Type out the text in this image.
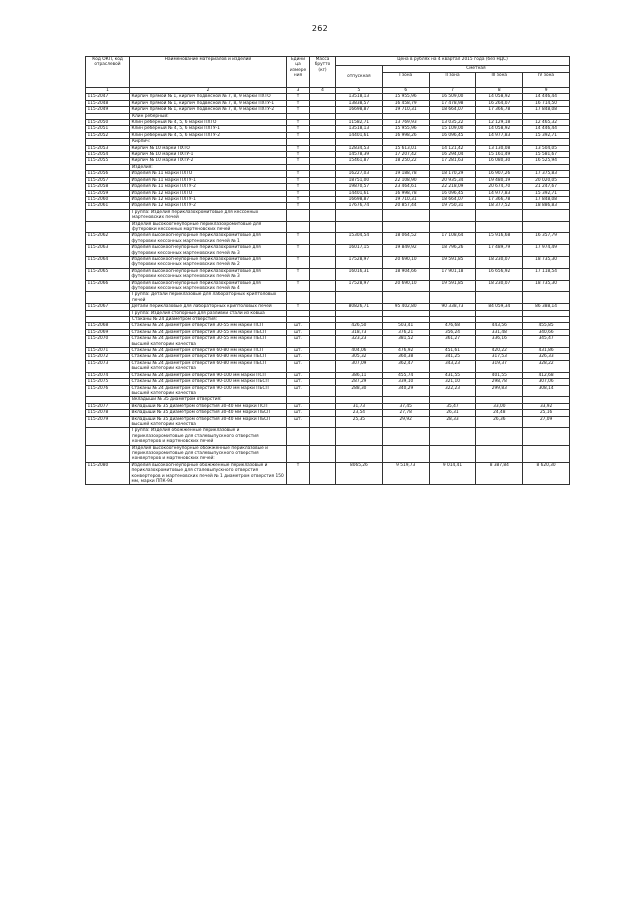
262
Код ОКП, код отраслевой	Наименование материалов и изделий	Едини ца измере ния	Масса брутто (кг)	Цена в рублях на 4 квартал 2015 года (без НДС)				
				отпускная	Сметная			
					I зона	II зона	III зона	IV зона
1	2	3	4	5	6	7	8	9
115-2047	Кирпич прямой № 1, кирпич подвесной № 7, 8, 9 марки ПХТО	т		13518,13	15 955,96	16 509,00	14 058,92	14 446,44
115-2048	Кирпич прямой № 1, кирпич подвесной № 7, 8, 9 марки ПХТУ-1	т		13838,57	16 458,79	17 478,98	16 264,07	16 714,50
115-2049	Кирпич прямой № 1, кирпич подвесной № 7, 8, 9 марки ПХТУ-2	т		16698,87	19 710,31	18 664,07	17 366,78	17 848,08
	Клин реберный:							
115-2050	Клин реберный № 4, 5, 6 марки ПХТО	т		11582,71	13 769,93	13 035,22	12 129,18	12 465,32
115-2051	Клин реберный № 4, 5, 6 марки ПХТУ-1	т		13518,13	15 955,96	15 109,00	14 058,92	14 446,44
115-2052	Клин реберный № 4, 5, 6 марки ПХТУ-2	т		14401,61	16 998,26	16 096,45	14 977,83	15 392,71
	Кирпич:							
115-2053	Кирпич № 10 марки ПХТО	т		12834,53	15 613,01	14 121,42	13 130,08	13 504,05
115-2054	Кирпич № 10 марки ПХТУ-1	т		14578,39	17 207,42	16 294,04	15 161,49	15 581,67
115-2055	Кирпич № 10 марки ПХТУ-2	т		15461,87	18 250,22	17 281,63	16 080,30	16 525,94
	Изделия:							
115-2056	Изделия № 11 марки ПХТО	т		16227,03	19 188,78	18 170,29	16 907,26	17 375,83
115-2057	Изделия № 11 марки ПХТУ-1	т		18751,00	22 108,90	20 935,34	19 480,19	20 020,05
115-2058	Изделия № 11 марки ПХТУ-2	т		19870,57	23 464,61	22 218,09	20 674,70	21 247,67
115-2059	Изделия № 12 марки ПХТО	т		14401,61	16 998,78	16 096,45	14 977,83	15 392,71
115-2060	Изделия № 12 марки ПХТУ-1	т		16698,87	19 710,31	18 664,07	17 366,78	17 848,08
115-2061	Изделия № 12 марки ПХТУ-2	т		17676,74	20 857,44	19 750,31	18 377,52	18 886,83
	Группа: Изделия периклазохромитовые для кессонных мартеновских печей							
	Изделия высокоогнеупорные периклазохромитовые для футеровки кессонных мартеновских печей							
115-2062	Изделия высокоогнеупорные периклазохромитовые для футеровки кессонных мартеновских печей № 1	т		15304,54	18 064,52	17 108,64	15 916,68	16 357,79
115-2063	Изделия высокоогнеупорные периклазохромитовые для футеровки кессонных мартеновских печей № 3	т		16017,15	19 849,92	18 796,26	17 489,79	17 974,49
115-2064	Изделия высокоогнеупорные периклазохромитовые для футеровки кессонных мартеновских печей № 2	т		17528,97	20 690,10	19 591,85	18 230,07	18 735,30
115-2065	Изделия высокоогнеупорные периклазохромитовые для футеровки кессонных мартеновских печей № 3	т		16016,31	18 904,66	17 901,18	16 656,92	17 118,54
115-2066	Изделия высокоогнеупорные периклазохромитовые для футеровки кессонных мартеновских печей № 4	т		17528,97	20 690,10	19 591,85	18 230,07	18 735,30
	Группа: Детали периклазовые для лабораторных криптоловых печей							
115-2067	Детали периклазовые для лабораторных криптоловых печей	т		80826,71	95 402,80	90 338,73	84 059,34	86 388,14
	Группа: Изделия стопорные для разливки стали из ковша							
	Стаканы № 24 диаметром отверстия:							
115-2068	Стаканы № 24 диаметром отверстия 30-55 мм марки ПСП	шт.		426,50	503,41	476,68	443,56	455,85
115-2069	Стаканы № 24 диаметром отверстия 30-55 мм марки ПБСП	шт.		318,73	376,21	356,24	331,48	340,66
115-2070	Стаканы № 24 диаметром отверстия 30-55 мм марки ПБСП высшей категории качества	шт.		323,23	381,52	361,27	336,16	345,47
115-2071	Стаканы № 24 диаметром отверстия 60-80 мм марки ПСП	шт.		404,06	476,92	451,61	420,22	431,86
115-2072	Стаканы № 24 диаметром отверстия 60-80 мм марки ПБСП	шт.		305,32	360,38	341,25	317,53	326,33
115-2073	Стаканы № 24 диаметром отверстия 60-80 мм марки ПБСП высшей категории качества	шт.		307,09	362,47	343,23	319,37	328,22
115-2074	Стаканы № 24 диаметром отверстия 90-100 мм марки ПСП	шт.		386,11	455,74	431,55	401,55	412,68
115-2075	Стаканы № 24 диаметром отверстия 90-100 мм марки ПБСП	шт.		287,29	339,10	321,10	298,78	307,06
115-2076	Стаканы № 24 диаметром отверстия 90-100 мм марки ПБСП высшей категории качества	шт.		288,30	340,29	322,23	299,83	308,14
	Вкладыши № 35 диаметром отверстия:							
115-2077	Вкладыши № 35 диаметром отверстия 30-40 мм марки ПСП	шт.		31,73	37,45	35,47	33,00	33,92
115-2078	Вкладыши № 35 диаметром отверстия 30-40 мм марки ПБСП	шт.		23,54	27,78	26,31	24,48	25,16
115-2079	Вкладыши № 35 диаметром отверстия 30-40 мм марки ПБСП высшей категории качества	шт.		25,35	29,92	28,33	26,36	27,09
	Группа: Изделия обожженные периклазовые и периклазохромитовые для сталевыпускного отверстия конвертеров и мартеновских печей							
	Изделия высокоогнеупорные обожженные периклазовые и периклазохромитовые для сталевыпускного отверстия конвертеров и мартеновских печей:							
115-2080	Изделия высокоогнеупорные обожженные периклазовые и периклазохромитовые для сталевыпускного отверстия конвертеров и мартеновских печей № 1 диаметром отверстия 150 мм, марки ППК-94	т		8065,26	9 519,73	9 014,41	8 387,84	8 620,30
